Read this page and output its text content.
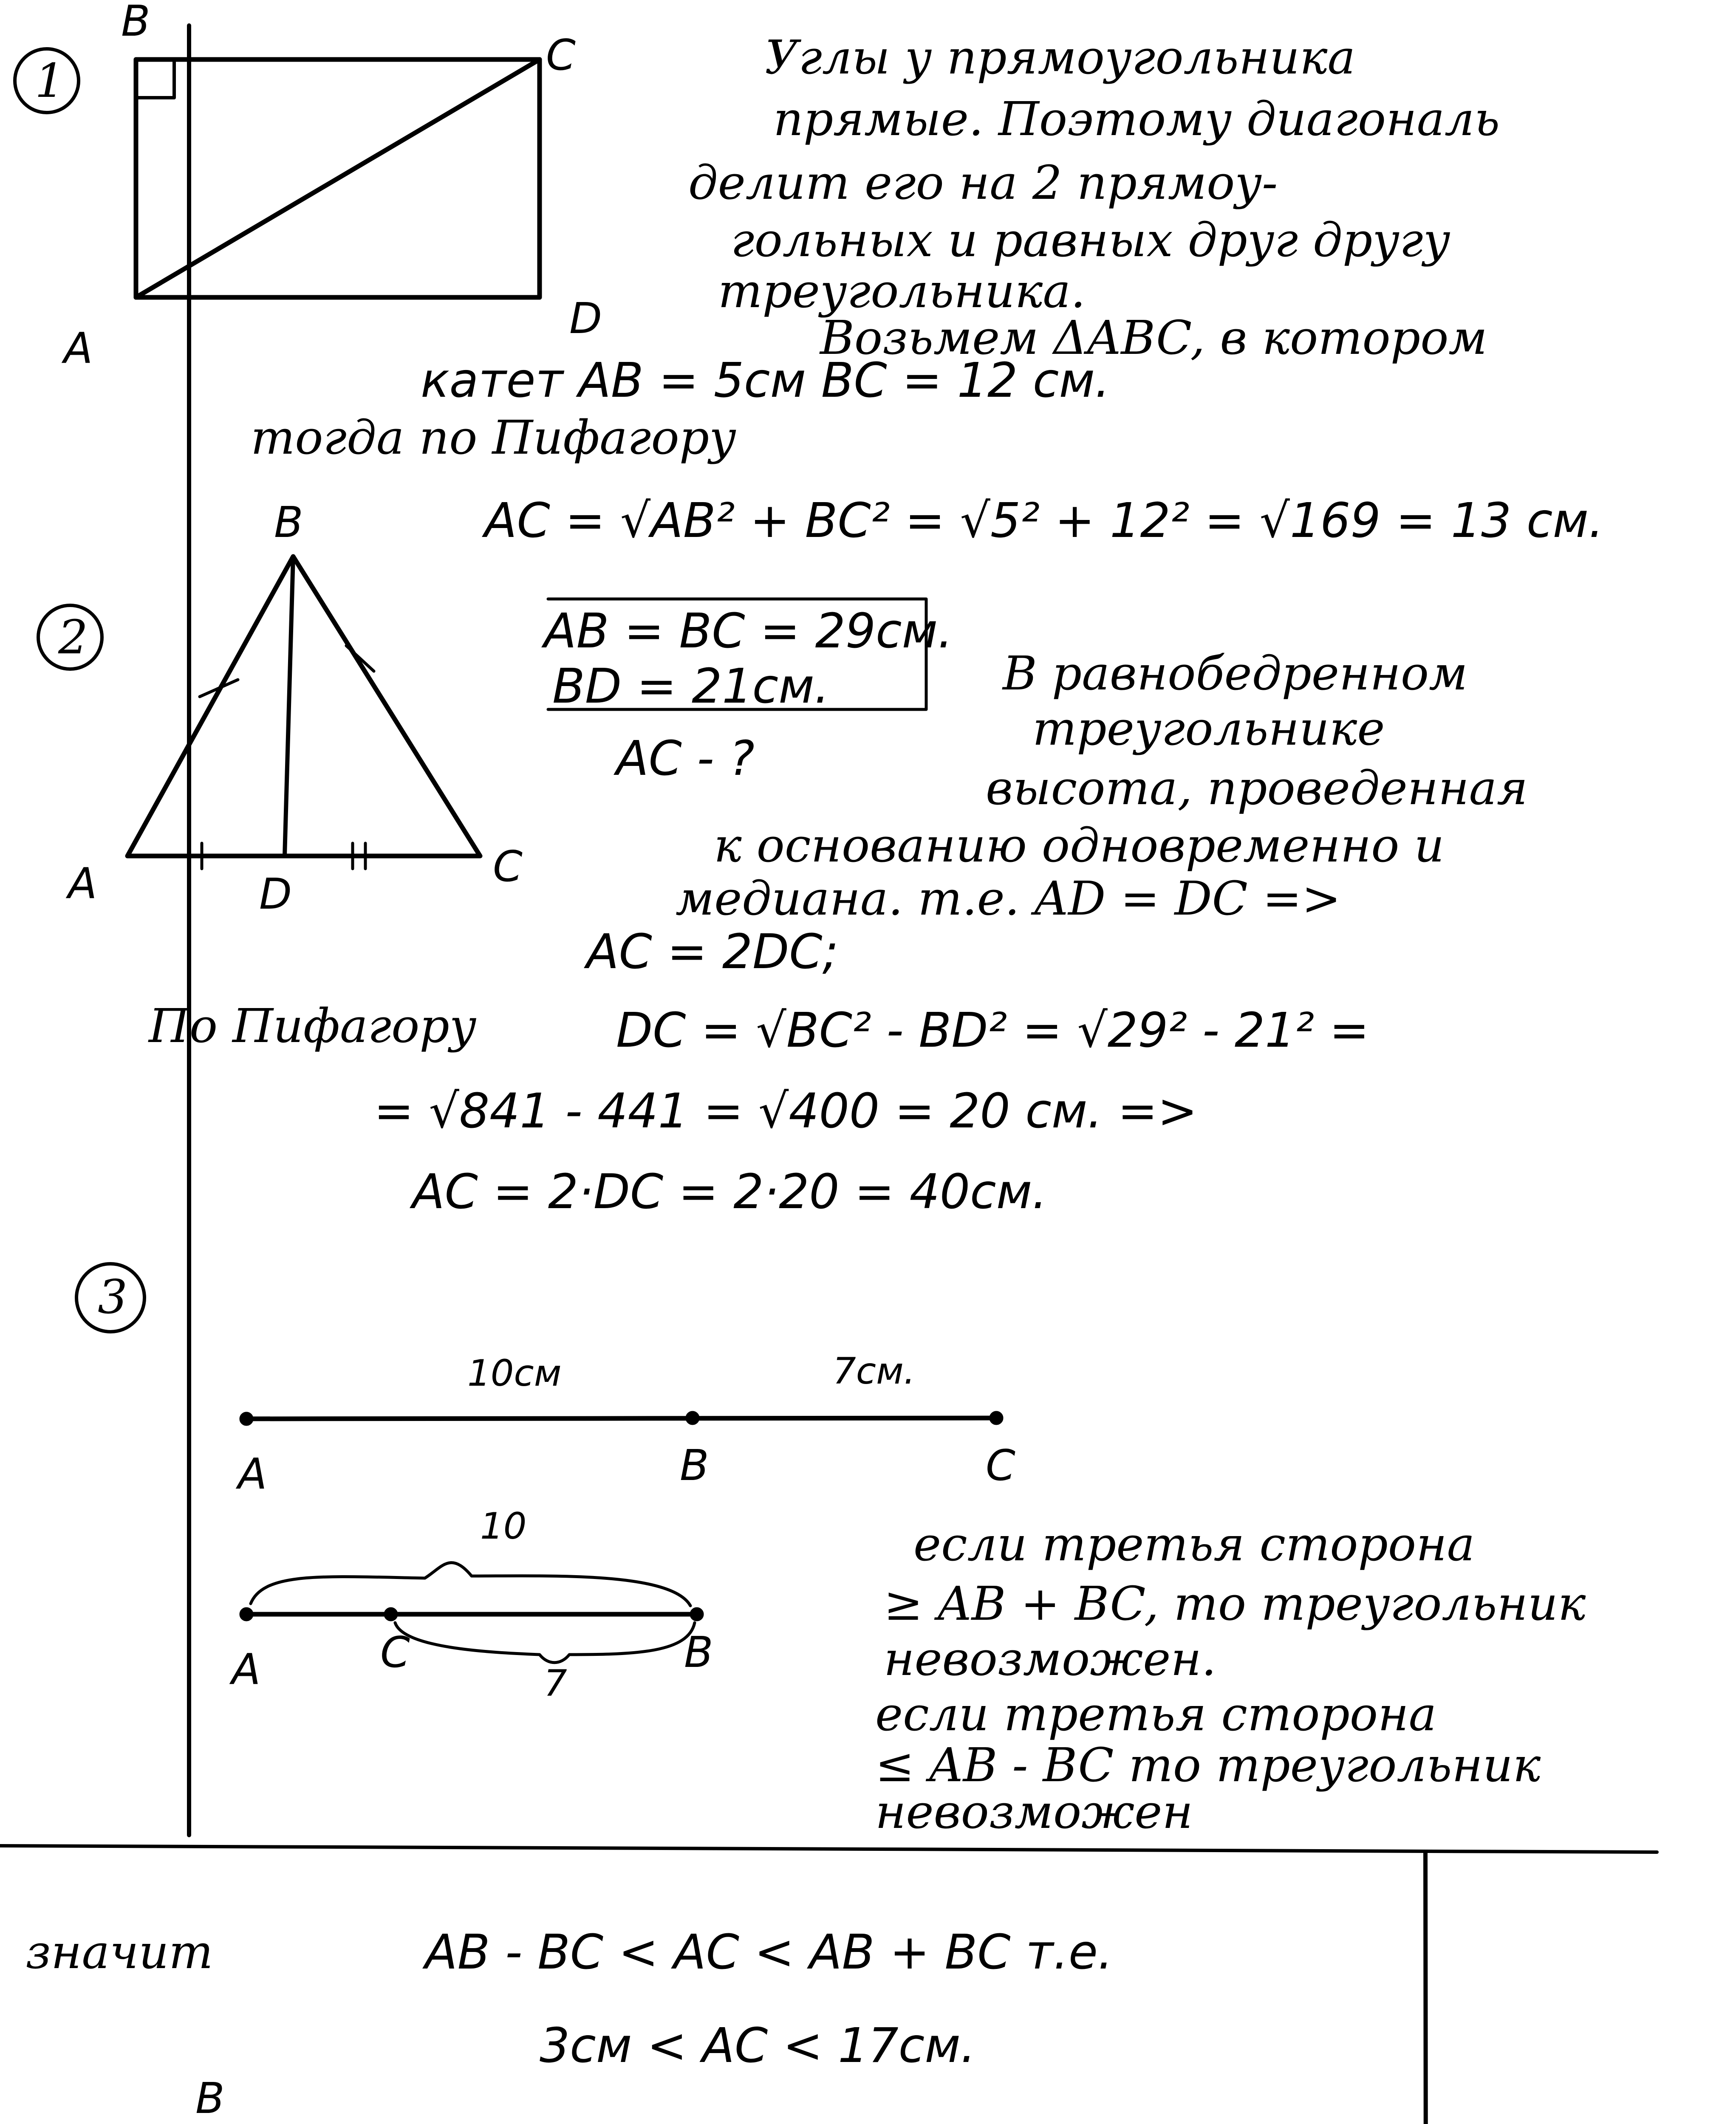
1
2
3
B
C
A
D
Углы у прямоугольника
прямые. Поэтому диагональ
делит его на 2 прямоу-
гольных и равных друг другу
треугольника.
Возьмем ΔABC, в котором
катет AB = 5см BC = 12 см.
тогда по Пифагору
AC = √AB² + BC² = √5² + 12² = √169 = 13 см.
B
A	D
C
AB = BC = 29см.
BD = 21см.
AC - ?
В равнобедренном
треугольнике
высота, проведенная
к основанию одновременно и
медиана. т.е. AD = DC =>
AC = 2DC;
По Пифагору	DC = √BC² - BD² = √29² - 21² =
= √841 - 441 = √400 = 20 см. =>
AC = 2·DC = 2·20 = 40см.
10см	7см.
A	B	C
10
A	C	B
7
если третья сторона
≥ AB + BC, то треугольник
невозможен.
если третья сторона
≤ AB - BC то треугольник
невозможен
значит	AB - BC < AC < AB + BC т.е.
3см < AC < 17см.
B
